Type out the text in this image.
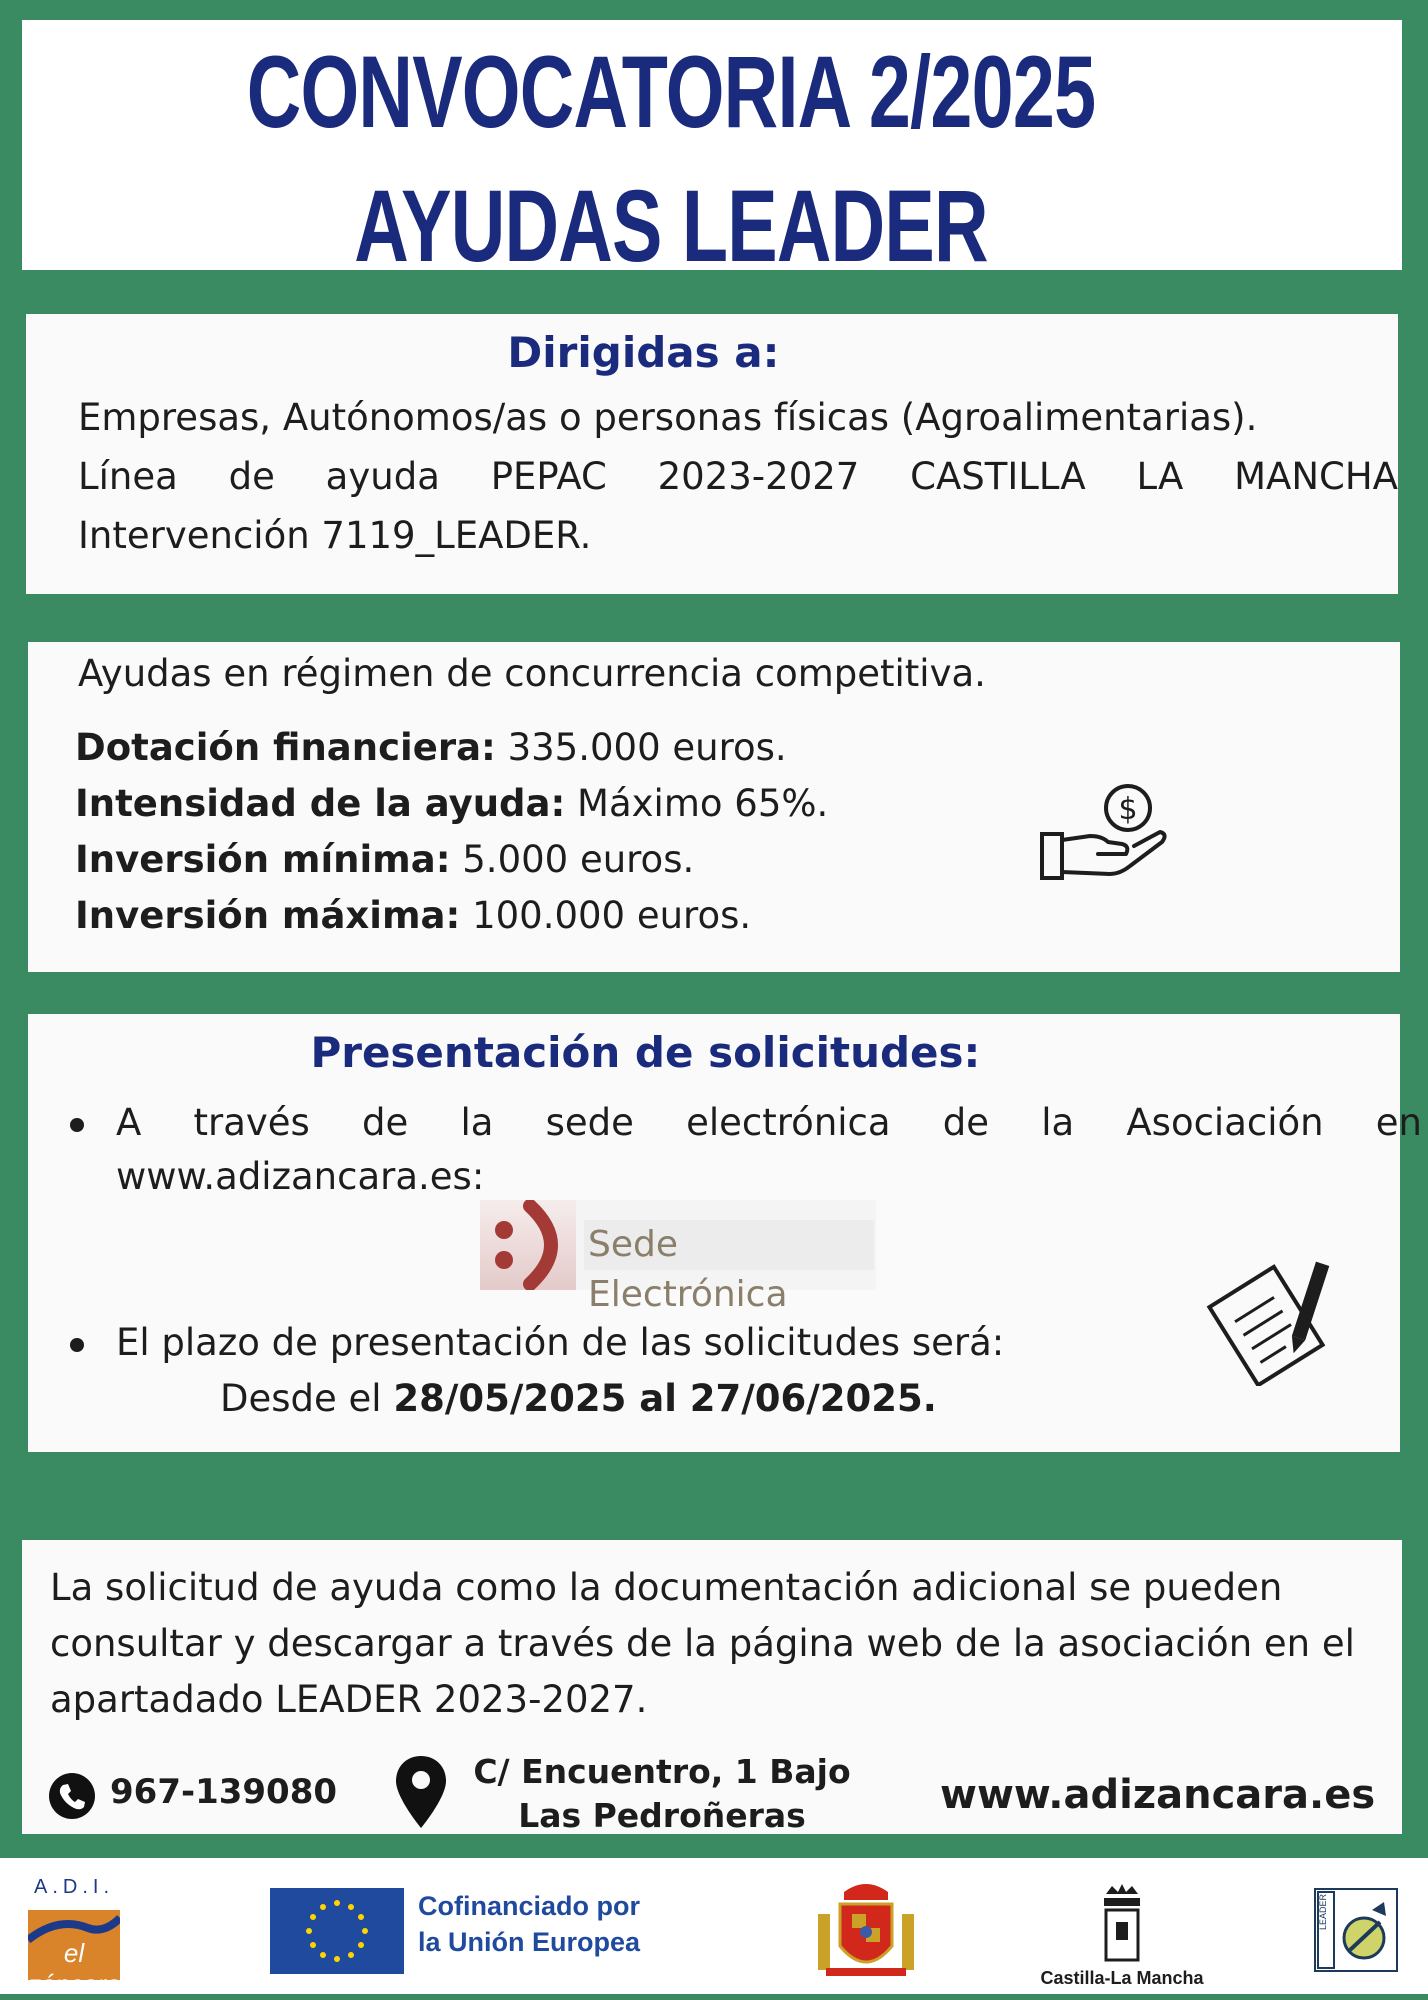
CONVOCATORIA 2/2025
AYUDAS LEADER
Dirigidas a:
Empresas, Autónomos/as o personas físicas (Agroalimentarias).
Línea de ayuda PEPAC 2023-2027 CASTILLA LA MANCHA
Intervención 7119_LEADER.
Ayudas en régimen de concurrencia competitiva.
Dotación financiera: 335.000 euros.
Intensidad de la ayuda: Máximo 65%.
Inversión mínima: 5.000 euros.
Inversión máxima: 100.000 euros.
$
Presentación de solicitudes:
A través de la sede electrónica de la Asociación en
www.adizancara.es:
Sede Electrónica
El plazo de presentación de las solicitudes será:
Desde el 28/05/2025 al 27/06/2025.
La solicitud de ayuda como la documentación adicional se pueden consultar y descargar a través de la página web de la asociación en el apartadado LEADER 2023-2027.
967-139080
C/ Encuentro, 1 Bajo
Las Pedroñeras	www.adizancara.es
A.D.I.
el záncara
Cofinanciado por
la Unión Europea
Castilla-La Mancha
LEADER
